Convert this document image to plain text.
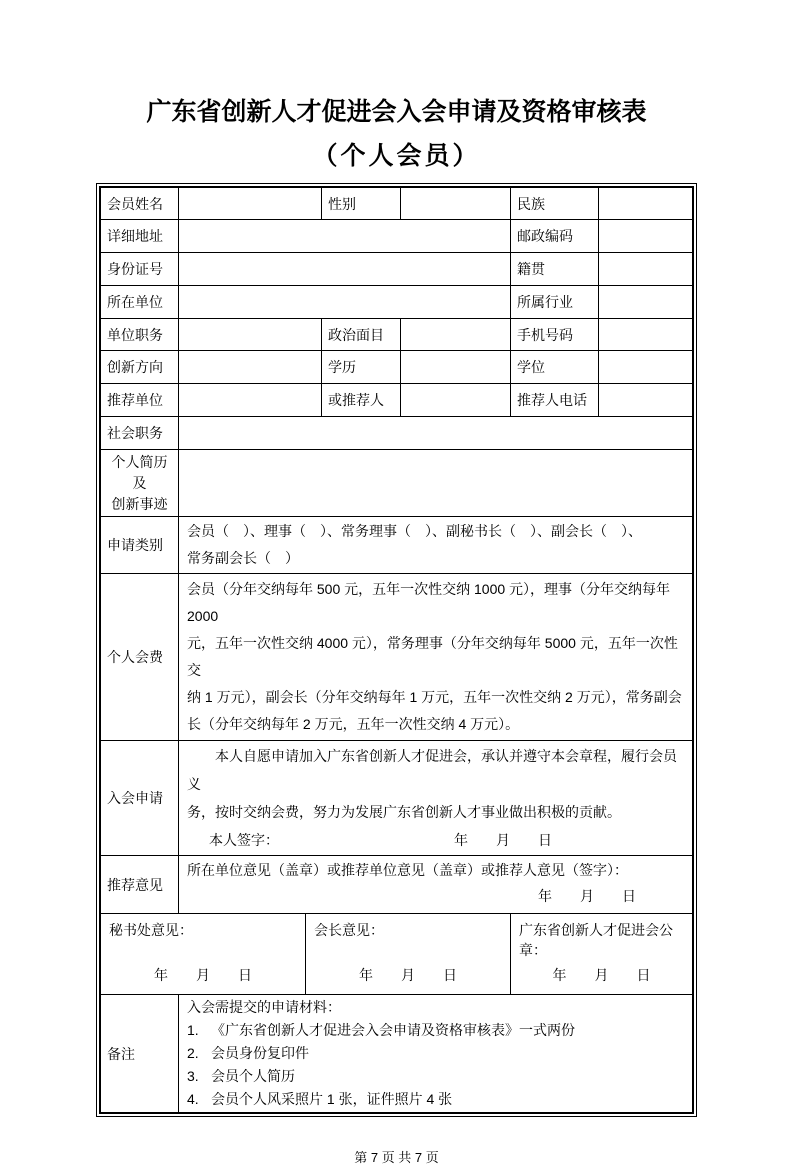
广东省创新人才促进会入会申请及资格审核表
（个人会员）
会员姓名	性别	民族
详细地址	邮政编码
身份证号	籍贯
所在单位	所属行业
单位职务	政治面目	手机号码
创新方向	学历	学位
推荐单位	或推荐人	推荐人电话
社会职务
个人简历
及
创新事迹
申请类别
会员（　）、理事（　）、常务理事（　）、副秘书长（　）、副会长（　）、
常务副会长（　）
个人会费
会员（分年交纳每年 500 元，五年一次性交纳 1000 元），理事（分年交纳每年 2000
元，五年一次性交纳 4000 元），常务理事（分年交纳每年 5000 元，五年一次性交
纳 1 万元），副会长（分年交纳每年 1 万元，五年一次性交纳 2 万元），常务副会
长（分年交纳每年 2 万元，五年一次性交纳 4 万元）。
入会申请
本人自愿申请加入广东省创新人才促进会，承认并遵守本会章程，履行会员义
务，按时交纳会费，努力为发展广东省创新人才事业做出积极的贡献。
本人签字：	年　　月　　日
推荐意见
所在单位意见（盖章）或推荐单位意见（盖章）或推荐人意见（签字）：
年　　月　　日
秘书处意见：
年　　月　　日
会长意见：
年　　月　　日
广东省创新人才促进会公章：
年　　月　　日
备注
入会需提交的申请材料：
1. 《广东省创新人才促进会入会申请及资格审核表》一式两份
2. 会员身份复印件
3. 会员个人简历
4. 会员个人风采照片 1 张，证件照片 4 张
第 7 页 共 7 页
